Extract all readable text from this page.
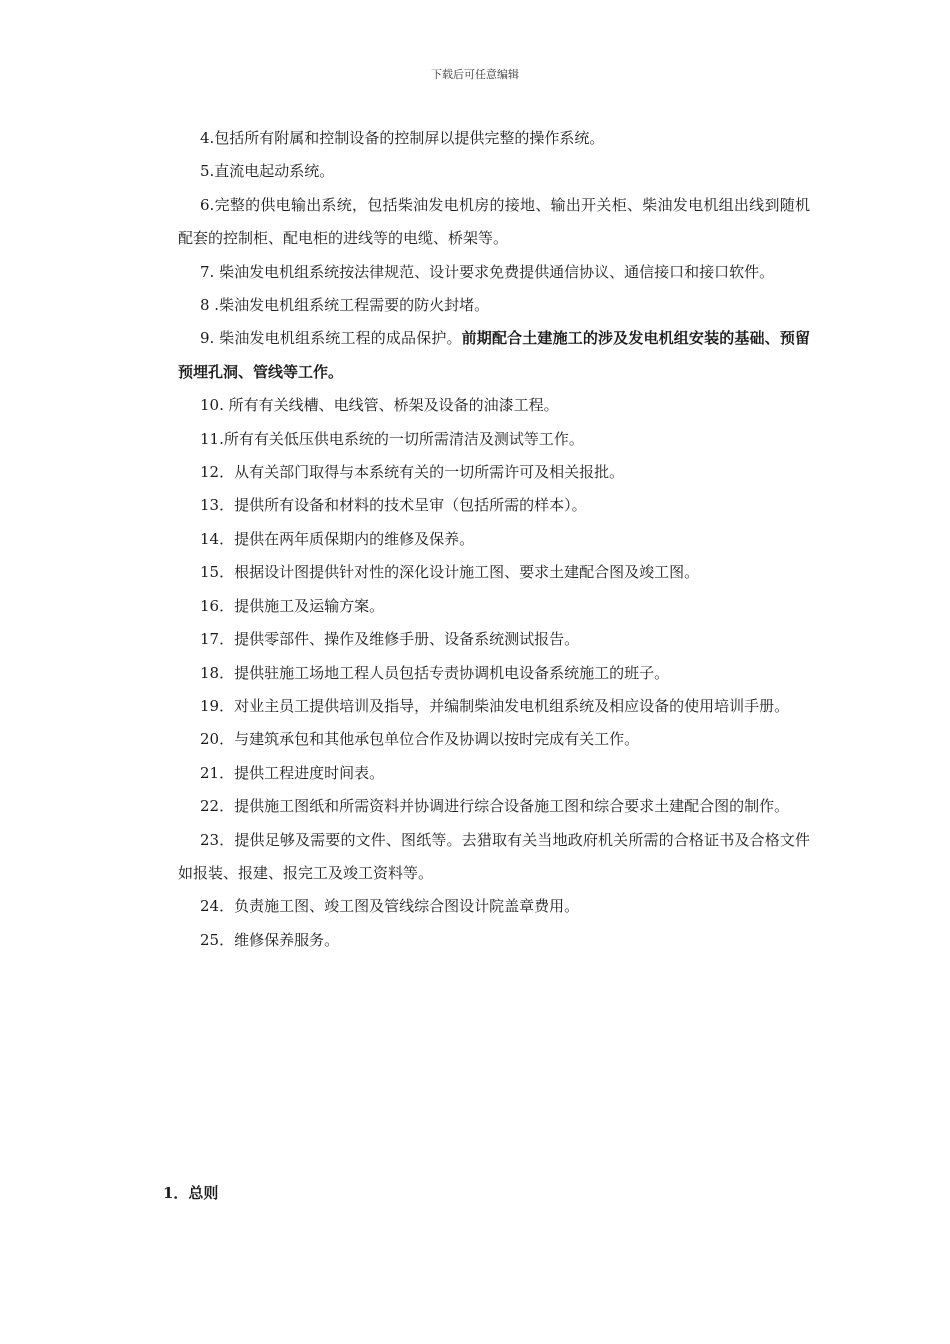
下载后可任意编辑

4.包括所有附属和控制设备的控制屏以提供完整的操作系统。

5.直流电起动系统。

6.完整的供电输出系统，包括柴油发电机房的接地、输出开关柜、柴油发电机组出线到随机配套的控制柜、配电柜的进线等的电缆、桥架等。

7. 柴油发电机组系统按法律规范、设计要求免费提供通信协议、通信接口和接口软件。

8 .柴油发电机组系统工程需要的防火封堵。

9. 柴油发电机组系统工程的成品保护。前期配合土建施工的涉及发电机组安装的基础、预留预埋孔洞、管线等工作。

10. 所有有关线槽、电线管、桥架及设备的油漆工程。

11.所有有关低压供电系统的一切所需清洁及测试等工作。

12．从有关部门取得与本系统有关的一切所需许可及相关报批。

13．提供所有设备和材料的技术呈审（包括所需的样本）。

14．提供在两年质保期内的维修及保养。

15．根据设计图提供针对性的深化设计施工图、要求土建配合图及竣工图。

16．提供施工及运输方案。

17．提供零部件、操作及维修手册、设备系统测试报告。

18．提供驻施工场地工程人员包括专责协调机电设备系统施工的班子。

19．对业主员工提供培训及指导，并编制柴油发电机组系统及相应设备的使用培训手册。

20．与建筑承包和其他承包单位合作及协调以按时完成有关工作。

21．提供工程进度时间表。

22．提供施工图纸和所需资料并协调进行综合设备施工图和综合要求土建配合图的制作。

23．提供足够及需要的文件、图纸等。去猎取有关当地政府机关所需的合格证书及合格文件如报装、报建、报完工及竣工资料等。

24．负责施工图、竣工图及管线综合图设计院盖章费用。

25．维修保养服务。

1．总则
